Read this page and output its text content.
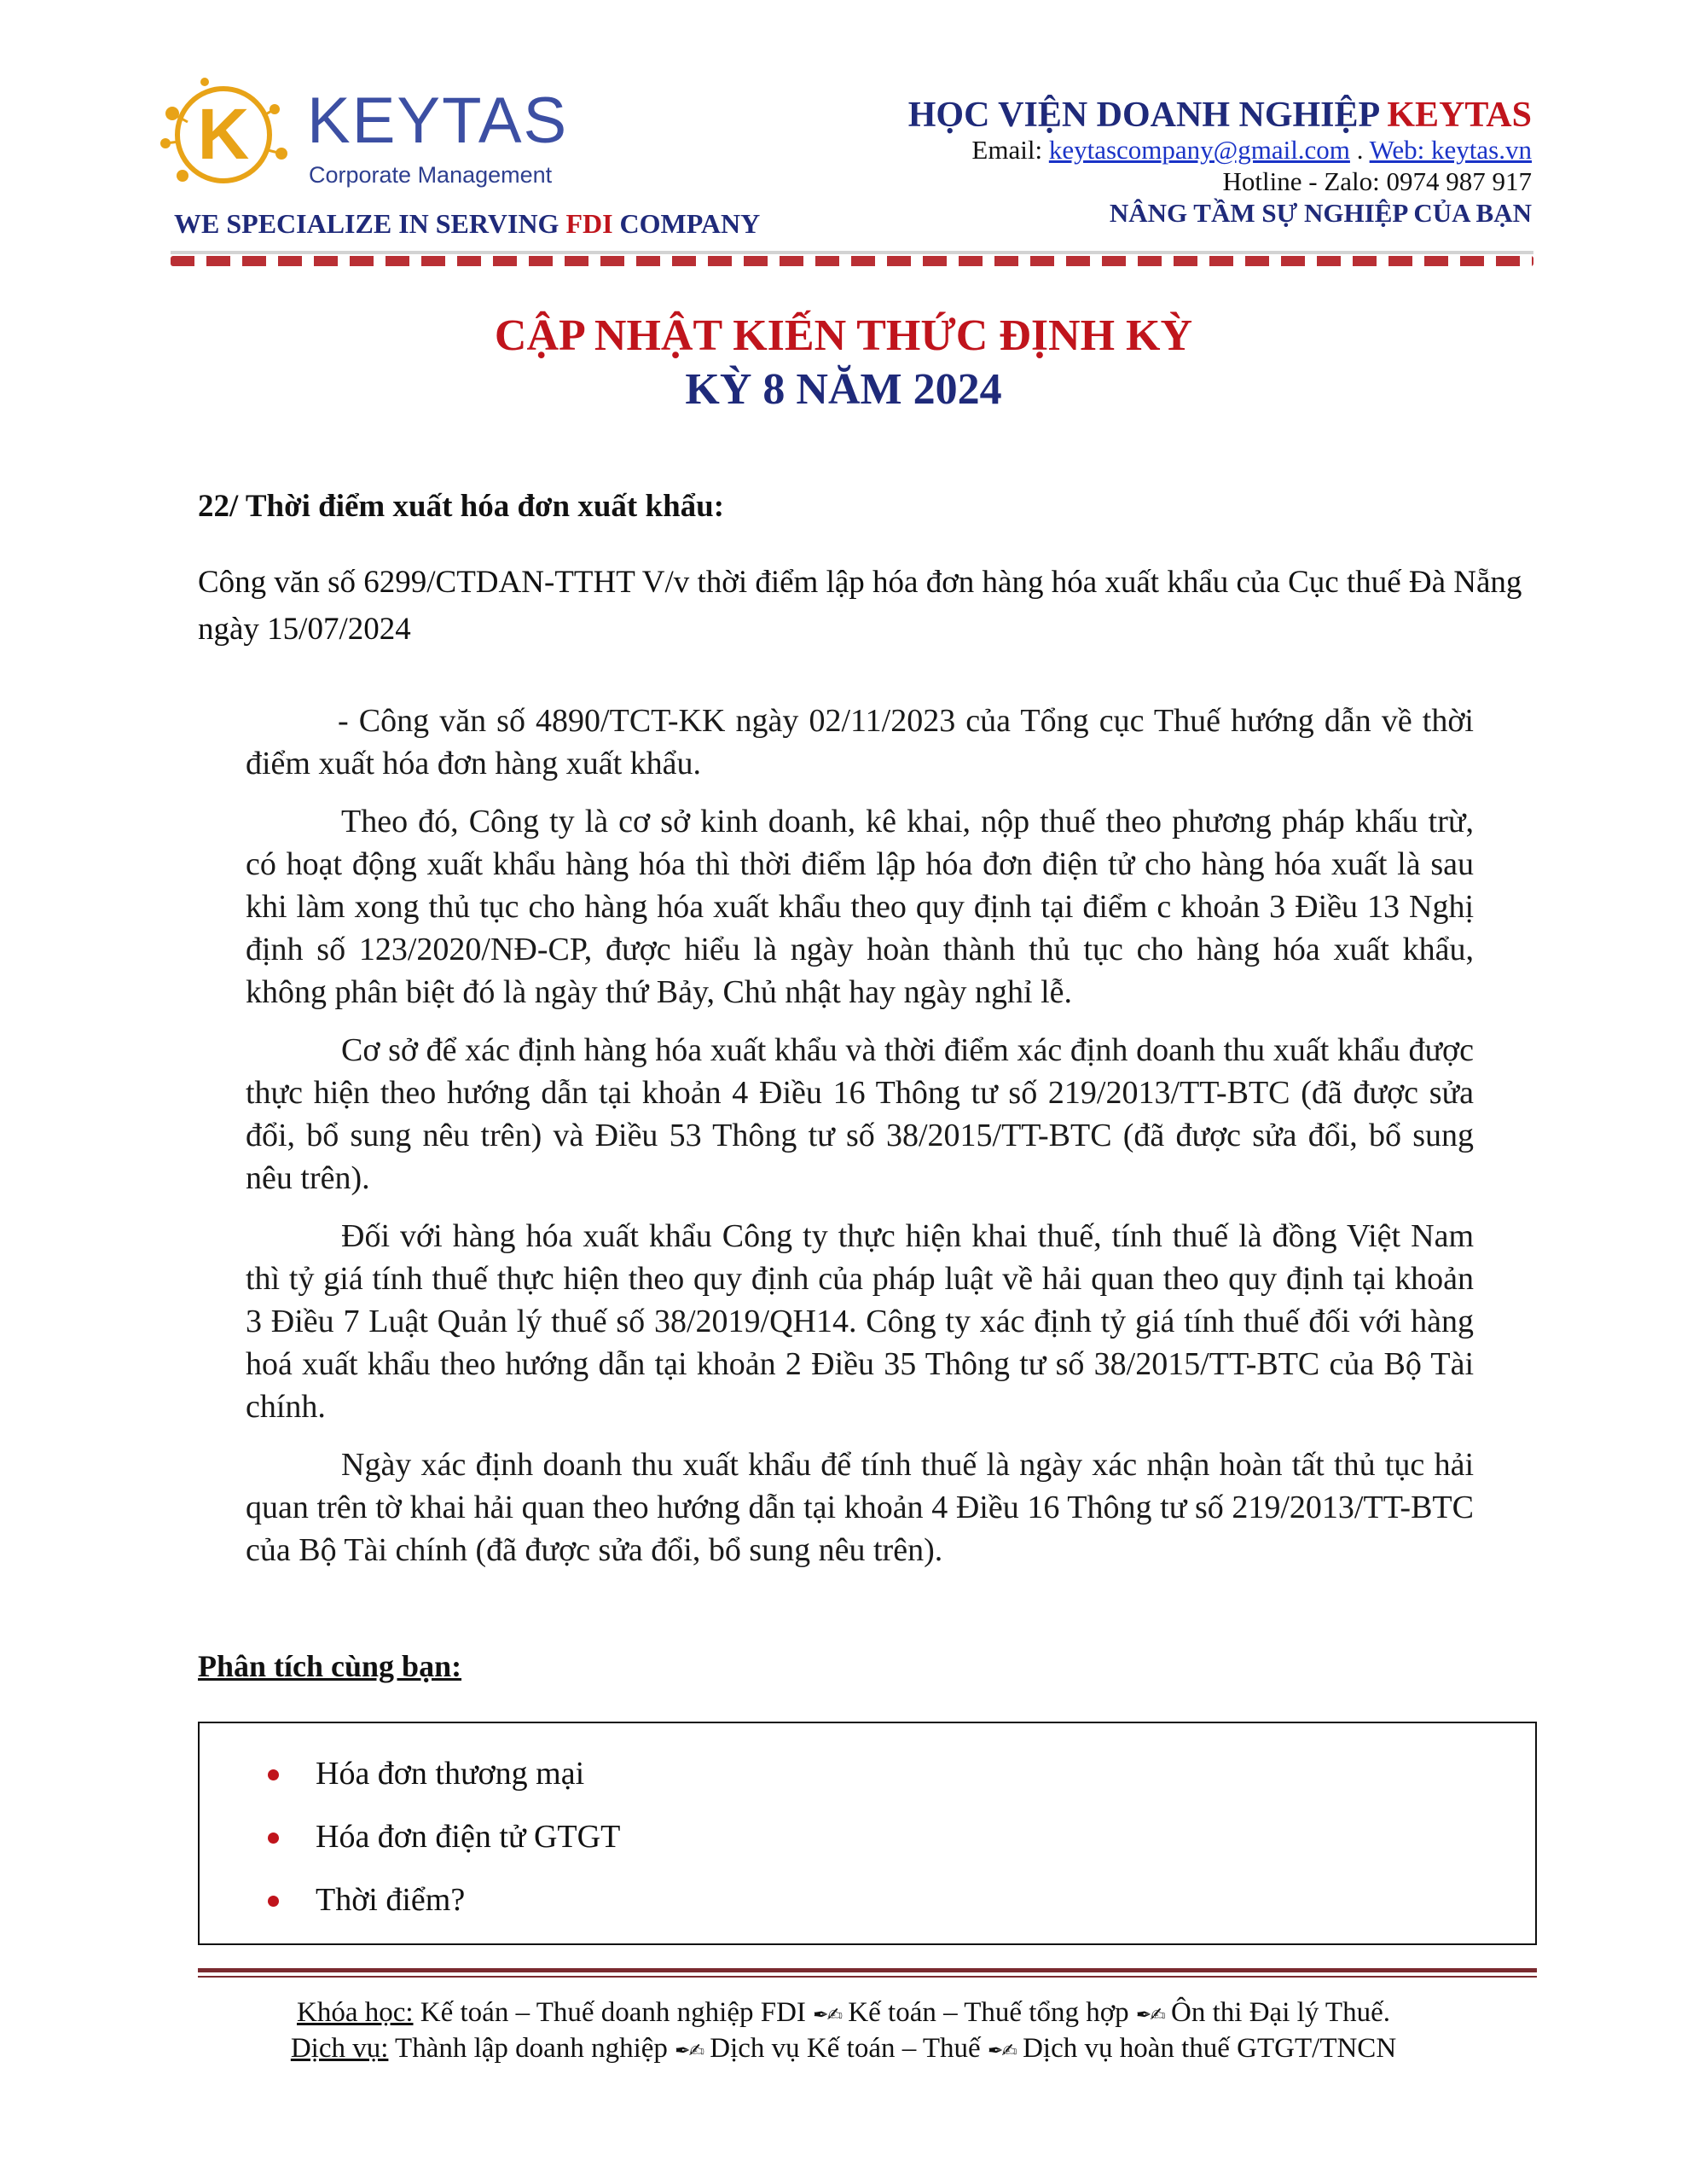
K KEYTAS
Corporate Management
WE SPECIALIZE IN SERVING FDI COMPANY
HỌC VIỆN DOANH NGHIỆP KEYTAS
Email: keytascompany@gmail.com . Web: keytas.vn
Hotline - Zalo: 0974 987 917
NÂNG TẦM SỰ NGHIỆP CỦA BẠN
CẬP NHẬT KIẾN THỨC ĐỊNH KỲ
KỲ 8 NĂM 2024
22/ Thời điểm xuất hóa đơn xuất khẩu:
Công văn số 6299/CTDAN-TTHT V/v thời điểm lập hóa đơn hàng hóa xuất khẩu của Cục thuế Đà Nẵng ngày 15/07/2024

- Công văn số 4890/TCT-KK ngày 02/11/2023 của Tổng cục Thuế hướng dẫn về thời điểm xuất hóa đơn hàng xuất khẩu.

Theo đó, Công ty là cơ sở kinh doanh, kê khai, nộp thuế theo phương pháp khấu trừ, có hoạt động xuất khẩu hàng hóa thì thời điểm lập hóa đơn điện tử cho hàng hóa xuất là sau khi làm xong thủ tục cho hàng hóa xuất khẩu theo quy định tại điểm c khoản 3 Điều 13 Nghị định số 123/2020/NĐ-CP, được hiểu là ngày hoàn thành thủ tục cho hàng hóa xuất khẩu, không phân biệt đó là ngày thứ Bảy, Chủ nhật hay ngày nghỉ lễ.

Cơ sở để xác định hàng hóa xuất khẩu và thời điểm xác định doanh thu xuất khẩu được thực hiện theo hướng dẫn tại khoản 4 Điều 16 Thông tư số 219/2013/TT-BTC (đã được sửa đổi, bổ sung nêu trên) và Điều 53 Thông tư số 38/2015/TT-BTC (đã được sửa đổi, bổ sung nêu trên).

Đối với hàng hóa xuất khẩu Công ty thực hiện khai thuế, tính thuế là đồng Việt Nam thì tỷ giá tính thuế thực hiện theo quy định của pháp luật về hải quan theo quy định tại khoản 3 Điều 7 Luật Quản lý thuế số 38/2019/QH14. Công ty xác định tỷ giá tính thuế đối với hàng hoá xuất khẩu theo hướng dẫn tại khoản 2 Điều 35 Thông tư số 38/2015/TT-BTC của Bộ Tài chính.

Ngày xác định doanh thu xuất khẩu để tính thuế là ngày xác nhận hoàn tất thủ tục hải quan trên tờ khai hải quan theo hướng dẫn tại khoản 4 Điều 16 Thông tư số 219/2013/TT-BTC của Bộ Tài chính (đã được sửa đổi, bổ sung nêu trên).

Phân tích cùng bạn:
Hóa đơn thương mại
Hóa đơn điện tử GTGT
Thời điểm?
Khóa học: Kế toán – Thuế doanh nghiệp FDI ✒✍ Kế toán – Thuế tổng hợp ✒✍ Ôn thi Đại lý Thuế.
Dịch vụ: Thành lập doanh nghiệp ✒✍ Dịch vụ Kế toán – Thuế ✒✍ Dịch vụ hoàn thuế GTGT/TNCN
